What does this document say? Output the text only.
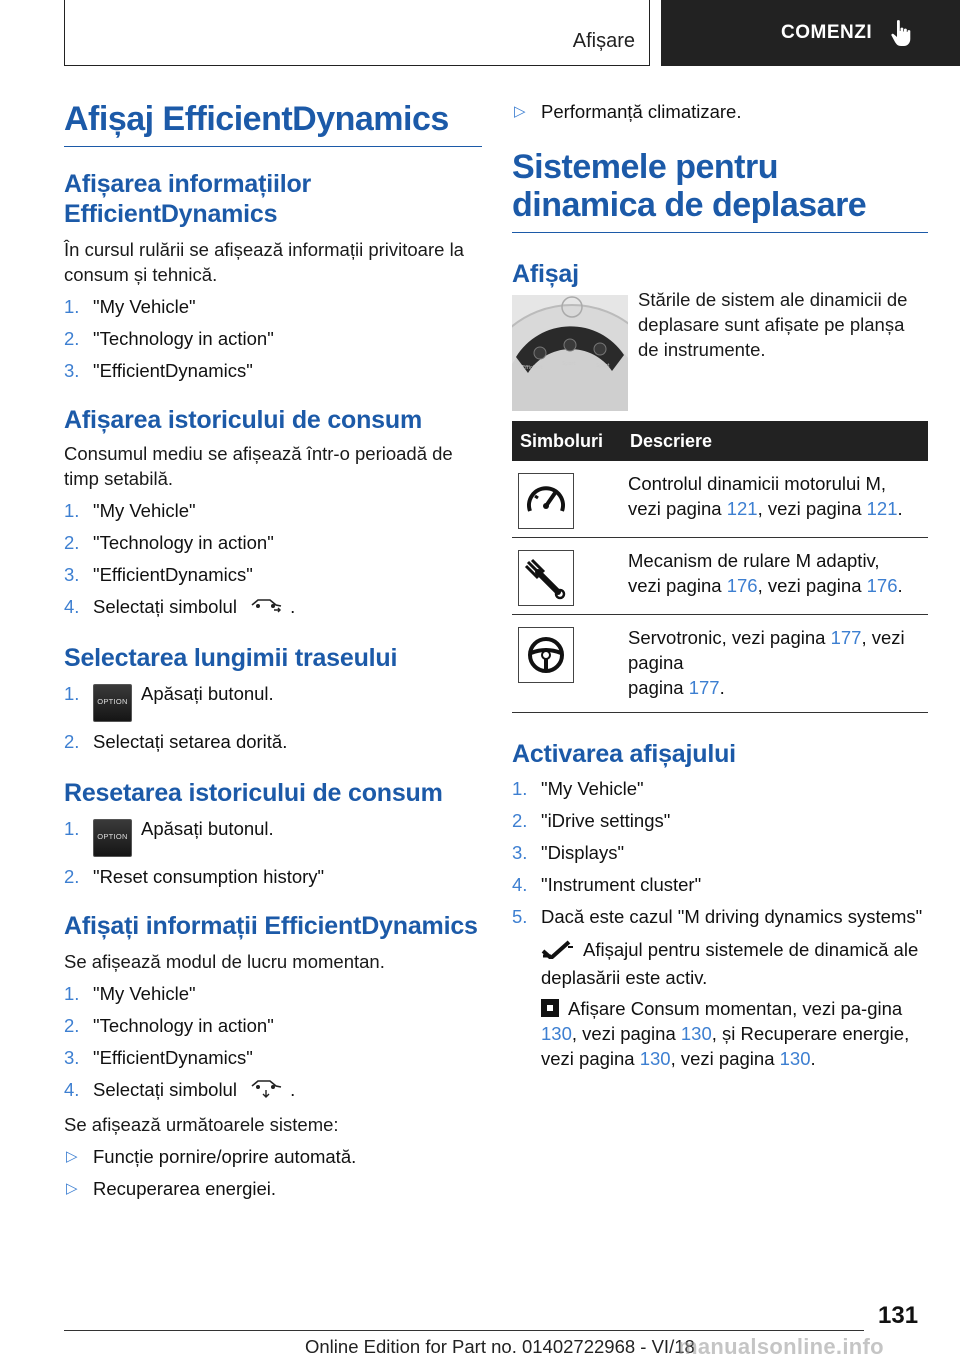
Afișare	COMENZI
Afișaj EfficientDynamics
Afișarea informațiilor EfficientDynamics
În cursul rulării se afișează informații privitoare la consum și tehnică.
1. "My Vehicle"
2. "Technology in action"
3. "EfficientDynamics"
Afișarea istoricului de consum
Consumul mediu se afișează într-o perioadă de timp setabilă.
1. "My Vehicle"
2. "Technology in action"
3. "EfficientDynamics"
4. Selectați simbolul	.
Selectarea lungimii traseului
1. OPTION Apăsați butonul.
2. Selectați setarea dorită.
Resetarea istoricului de consum
1. OPTION Apăsați butonul.
2. "Reset consumption history"
Afișați informații EfficientDynamics
Se afișează modul de lucru momentan.
1. "My Vehicle"
2. "Technology in action"
3. "EfficientDynamics"
4. Selectați simbolul	.
Se afișează următoarele sisteme:
▷ Funcție pornire/oprire automată.
▷ Recuperarea energiei.
▷ Performanță climatizare.
Sistemele pentru dinamica de deplasare
Afișaj
Efficient
Sport	Sport
Stările de sistem ale dinamicii de deplasare sunt afișate pe planșa de instrumente.
Simboluri	Descriere

	Controlul dinamicii motorului M,
vezi pagina 121, vezi pagina 121.

	Mecanism de rulare M adaptiv,
vezi pagina 176, vezi pagina 176.

	Servotronic, vezi pagina 177, vezi pagina
pagina 177.
Activarea afișajului
1. "My Vehicle"
2. "iDrive settings"
3. "Displays"
4. "Instrument cluster"
5. Dacă este cazul "M driving dynamics systems"
Afișajul pentru sistemele de dinamică ale deplasării este activ.
Afișare Consum momentan, vezi pa-gina 130, vezi pagina 130, și Recuperare energie, vezi pagina 130, vezi pagina 130.
131
Online Edition for Part no. 01402722968 - VI/18
manualsonline.info
